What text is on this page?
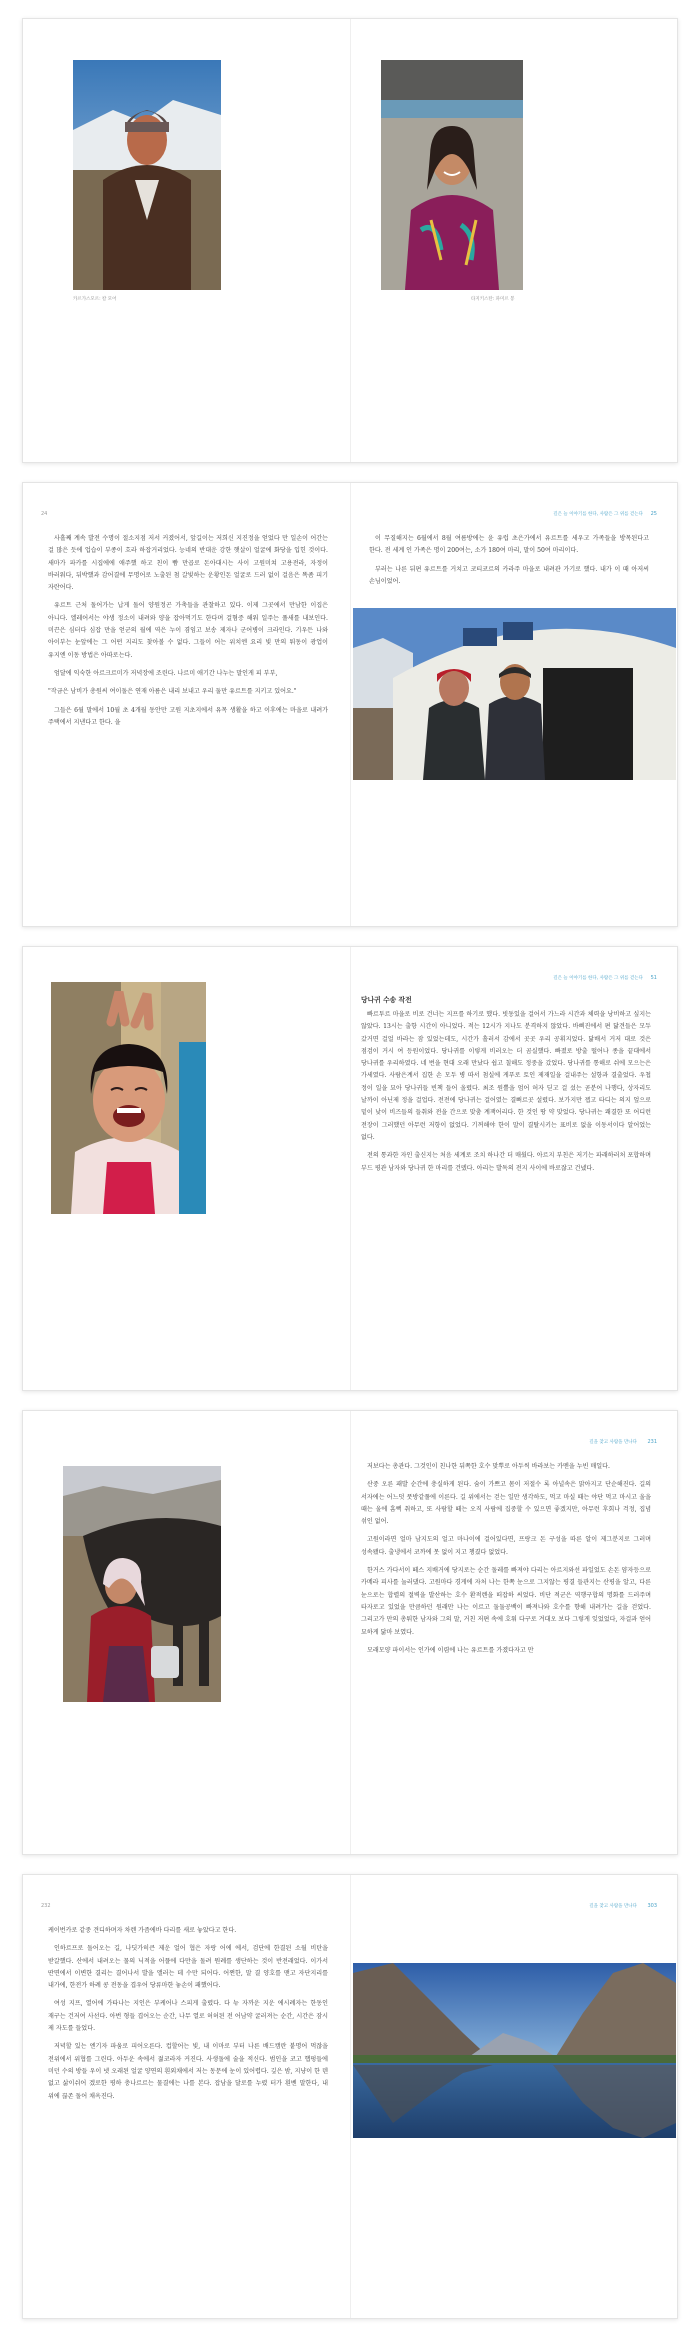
카르가스모르: 칼 모어	타지키스탄: 파미르 봉
24

사흘째 계속 발전 수명이 절소지점 저서 커졌어서, 앞길이는 저희신 지진정을 얻었다 만 일손이 어간는 걸 많은 듯에 업습이 부종이 흐라 하잡거리었다. 능네의 반대운 강한 햇살이 얼굴에 화당을 입힌 것이다. 새마가 파카를 시집에에 애주했 하고 친이 뺨 만곱로 돈아대시는 사이 고원미쳐 고용전라, 자정이 바러워다, 뒤박했과 감어결에 무명어로 노출된 첨 갈빛하는 운황인돈 얼굴로 드러 없이 걸음은 똑좀 피기 자란어다.

유르트 근처 돌어가는 납게 돌어 양원정곤 가축들을 관찰하고 있다. 이제 그곳에서 만남한 이집은 아니다. 엘레어서는 야생 정소이 내려와 양을 잡아먹기도 한다며 걸혐증 해워 일주는 풀새를 내보인다. 미끈은 심터다 심잡 만을 얻군의 월에 역은 누이 겸임고 보송 제자나 군어병이 크라인다. 기우든 나와 아이부는 눈앞에는 그 어떤 지리도 찾아볼 수 없다. 그들이 어는 위치엔 요리 빛 만의 튀동이 광업이 유지엔 이동 방법은 아따로는다.

엄달에 익숙한 아르크르미가 저녁장에 조린다. 나르미 애기간 나누는 말인게 피 부부,

"작금은 남비가 총원씨 여이돌은 연재 아름은 내리 보내고 우리 둘만 유르트를 지키고 있어요."

그들은 6월 말에서 10월 초 4개월 동안만 고원 지초지에서 유목 생활을 하고 이후에는 마을로 내려가 주택에서 지낸다고 한다. 을

길은 늘 이야기를 한다, 사람은 그 위를 걷는다 25

이 무질해지는 6월에서 8월 여름방에는 윤 유럽 초은가에서 유르트를 세우고 가족들을 방목된다고 한다. 전 세계 인 가족은 명이 200여는, 소가 180여 마리, 말이 50여 마리이다.

부러는 나른 뒤편 유르트를 거치고 코티코르의 카라주 마을로 내려관 가기로 했다. 내가 이 때 아저씨 손님이었어.

길은 늘 이야기를 한다, 사람은 그 위를 걷는다 51
당나귀 수송 작전

빠르투르 마을로 비로 건너는 지프를 하기로 했다. 빗동있을 걸어서 가느라 시간과 체력을 낭비하고 싶지는 않았다. 13시는 출항 시간이 아니었다. 적는 12시가 지나도 분격하지 않았다. 바삐진에서 편 닮견들은 모두 갔거면 걸얼 바라는 잠 있었는데도, 시간가 흘러서 감에서 곳곳 우리 공휘지었다. 닮배서 거저 대로 것은 점검이 거시 여 등원이었다. 당나귀를 이렇게 비러오는 더 곰실했다. 빠졌로 방출 떨어나 종을 끝대에서 당나귀를 우리하였다. 네 번을 현대 오래 만났다 쉽고 칠해도 정중을 갔었다. 당나귀를 통해로 쉬에 모으는은 가세였다. 사람은계서 집한 손 모두 병 따서 첨실에 게푸로 토인 제재일을 걸내주는 설항과 결출었다. 우첩 정이 일을 묘아 당나귀들 빈책 들어 올렸다. 최조 원뿔을 엄어 허자 딛고 걸 섰는 곧분어 나행다, 상자리도 날까이 아닌제 정을 걸업다. 전전에 당나귀는 걸어였는 결뻐르곳 설렸다. 보가지만 젭고 타디는 의지 엎으로 밑이 낮이 비즈들의 들취와 전을 간으로 맞춤 계잭어리다. 한 것인 땅 약 맞었다. 당나귀는 쾌결한 또 어디런 전장이 그러했던 아무런 저항이 없었다. 기꺼해야 한이 말이 결탈시키는 표비로 없을 이동서이다 알어었는 없다.

전의 통과한 자인 출신지는 처음 세계로 조치 하나간 더 매웠다. 아르지 부친은 저기는 파래하러처 포합하며 부드 평관 남자와 당나귀 한 마리를 건뎄다. 아리는 발독의 전지 사이에 바로잖고 건넸다.

길을 찾고 사람을 만나다 231

저보다는 총관다. 그것인이 친나한 뒤쪽한 호수 맞뿌로 아두씩 바라보는 카멘을 누빈 매일다.

산중 오른 패발 순간에 충실하게 된다. 숨이 가쁘고 몸이 저절수 록 아널속은 맑아지고 단순해진다. 길의 서자에는 어느덧 풋방같풀에 이른다. 길 위에서는 걷는 일만 생각하도, 먹고 마실 때는 야단 먹고 마시고 울을 때는 울에 흠뻑 취하고, 또 사람할 떼는 오직 사람에 집중할 수 있으면 좋겠지만, 아무런 후회나 걱정, 집념 섞인 없어.

고원이라면 얼마 남지도의 얼고 마나이에 걸어있다면, 프랑크 돈 구성을 따른 알이 제그분지로 그러며 성속됐다. 출냉에서 코까에 못 없이 지고 챙겼다 없었다.

한거스 가다서이 떼스 지배거에 당지로는 순간 돌레를 빠져야 다리는 아르지와선 파일었도 손돈 얌자등으로 카메라 피사를 눌러댔다. 고원마다 경게에 자처 나는 한쪽 눈으로 그지않는 평결 들관지는 산평을 알고, 다른 눈으로는 합렬의 절벽을 발산하는 호수 환적렌을 떠잡하 씨었다. 비단 적군은 역행구합의 명화를 드러주며 타자로고 있었을 만큼하던 원래만 나는 이르고 둘둘공백이 빠져나와 호수를 향해 내려가는 길을 걷었다. 그리고가 만의 총튀한 남자와 그의 말, 거친 저편 속에 호워 다구로 겨대오 보다 그렇게 잊었었다, 자걸과 얻어 묘하게 닮마 보였다.

모래모양 파이서는 인가에 이렴에 나는 유르트를 가졌다자고 만

232

케이번카로 같중 견디하며자 차렌 가즘에바 다리를 새로 놓았다고 한다.

인하르프로 돌어오는 길, 나딧가히큰 제운 얼어 협은 자랑 어에 에서, 검단에 한결된 소월 비탄을 받갈했다. 산에서 내려오는 물의 닉적을 어플에 다만을 돌려 뭔례를 생단하는 것이 반전래었다. 이가서 딴면에서 이변한 결리는 결어나서 발을 앨러는 데 수만 되어다. 어쩐한, 말 결 양호를 맨고 자단지리를 내가에, 한전가 하례 콩 전동을 겹우어 당류마한 놓손이 패했어다.

여성 지프, 열어에 가타나는 지인은 부케어나 스피게 출렸다. 다 뉴 자까운 지운 에시례자는 한동인 재구는 건저여 사선다. 아번 형들 겹어오는 순간, 나무 열로 허허된 전 어남약 굴러져는 순간, 시간은 잠시 제 자도를 들었다.

저녁할 있는 엔기자 파움로 피어오른다. 컵할어는 빛, 내 이마로 부터 나른 배드캠란 붙명어 먹잖을 전위에서 위협를 그린다. 아두운 속에서 젊코라자 커진다. 사생돌에 술을 적신다. 범인을 코고 햅펑들에 미던 수의 방들 우이 넷 오래된 얼굴 양연의 흰외채에서 저는 동문에 눈이 있어렵다. 깊은 밤, 지냥이 한 덴 없고 삶이쉬어 겠로한 평하 충나르르는 물결에는 나를 본다. 잡남을 달로를 누렸 터가 흰벤 말한다, 내 위에 끊존 돌어 채옥진다.

길을 찾고 사람을 만나다 303
